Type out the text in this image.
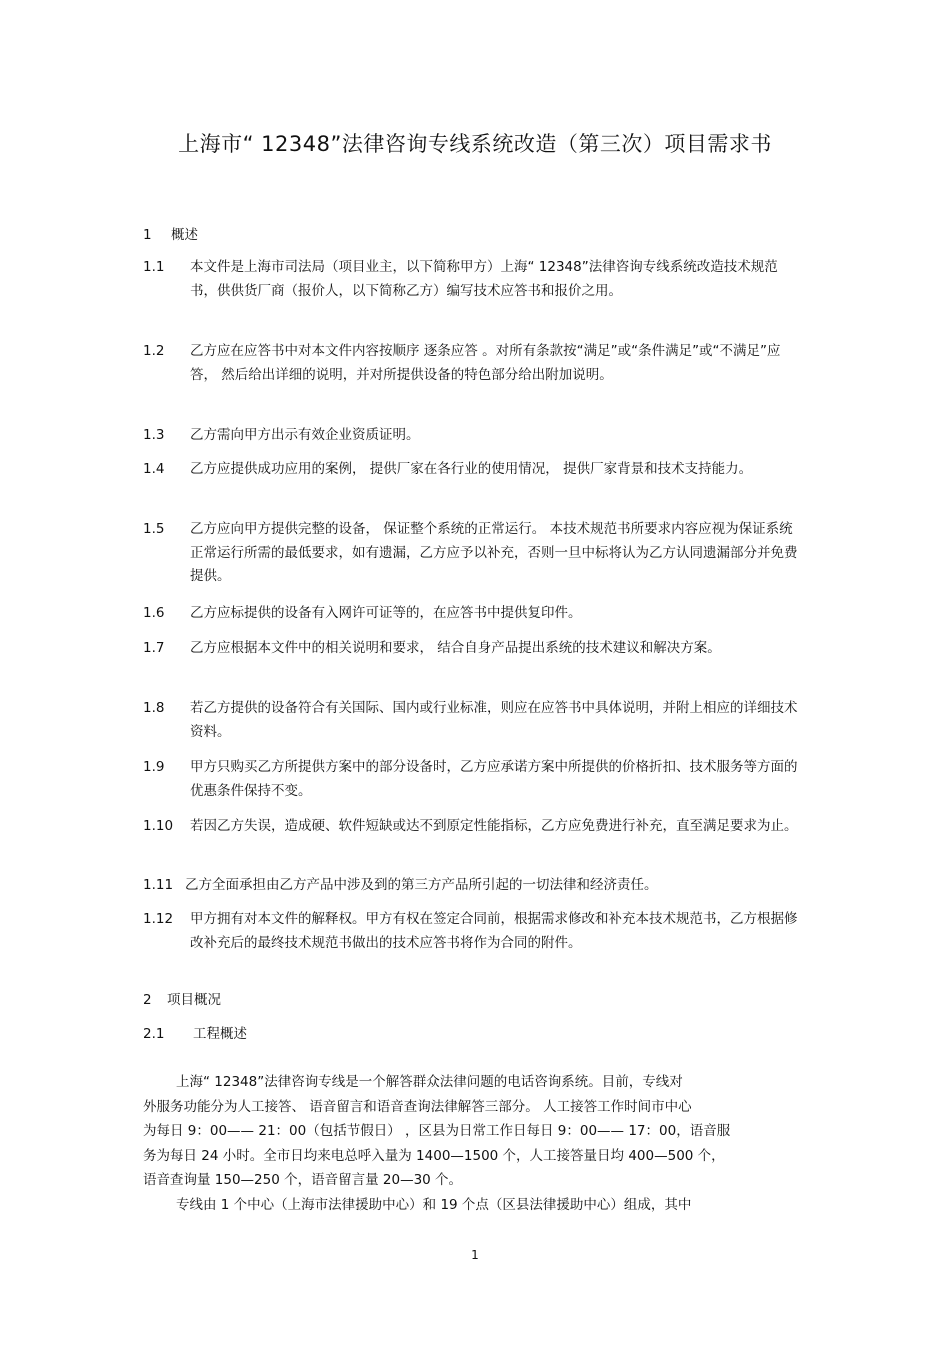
上海市“ 12348”法律咨询专线系统改造（第三次）项目需求书
1 概述
1.1	本文件是上海市司法局（项目业主，以下简称甲方）上海“ 12348”法律咨询专线系统改造技术规范书，供供货厂商（报价人，以下简称乙方）编写技术应答书和报价之用。
1.2	乙方应在应答书中对本文件内容按顺序 逐条应答 。对所有条款按“满足”或“条件满足”或“不满足”应答， 然后给出详细的说明，并对所提供设备的特色部分给出附加说明。
1.3	乙方需向甲方出示有效企业资质证明。
1.4	乙方应提供成功应用的案例， 提供厂家在各行业的使用情况， 提供厂家背景和技术支持能力。
1.5	乙方应向甲方提供完整的设备， 保证整个系统的正常运行。 本技术规范书所要求内容应视为保证系统正常运行所需的最低要求，如有遗漏，乙方应予以补充，否则一旦中标将认为乙方认同遗漏部分并免费提供。
1.6	乙方应标提供的设备有入网许可证等的，在应答书中提供复印件。
1.7	乙方应根据本文件中的相关说明和要求， 结合自身产品提出系统的技术建议和解决方案。
1.8	若乙方提供的设备符合有关国际、国内或行业标准，则应在应答书中具体说明，并附上相应的详细技术资料。
1.9	甲方只购买乙方所提供方案中的部分设备时，乙方应承诺方案中所提供的价格折扣、技术服务等方面的优惠条件保持不变。
1.10	若因乙方失误，造成硬、软件短缺或达不到原定性能指标，乙方应免费进行补充，直至满足要求为止。
1.11 乙方全面承担由乙方产品中涉及到的第三方产品所引起的一切法律和经济责任。
1.12	甲方拥有对本文件的解释权。甲方有权在签定合同前，根据需求修改和补充本技术规范书，乙方根据修改补充后的最终技术规范书做出的技术应答书将作为合同的附件。
2 项目概况
2.1 工程概述
上海“ 12348”法律咨询专线是一个解答群众法律问题的电话咨询系统。目前，专线对
外服务功能分为人工接答、 语音留言和语音查询法律解答三部分。 人工接答工作时间市中心
为每日 9：00—— 21：00（包括节假日） ，区县为日常工作日每日 9：00—— 17：00，语音服
务为每日 24 小时。全市日均来电总呼入量为 1400—1500 个，人工接答量日均 400—500 个，
语音查询量 150—250 个，语音留言量 20—30 个。
专线由 1 个中心（上海市法律援助中心）和 19 个点（区县法律援助中心）组成，其中
1
